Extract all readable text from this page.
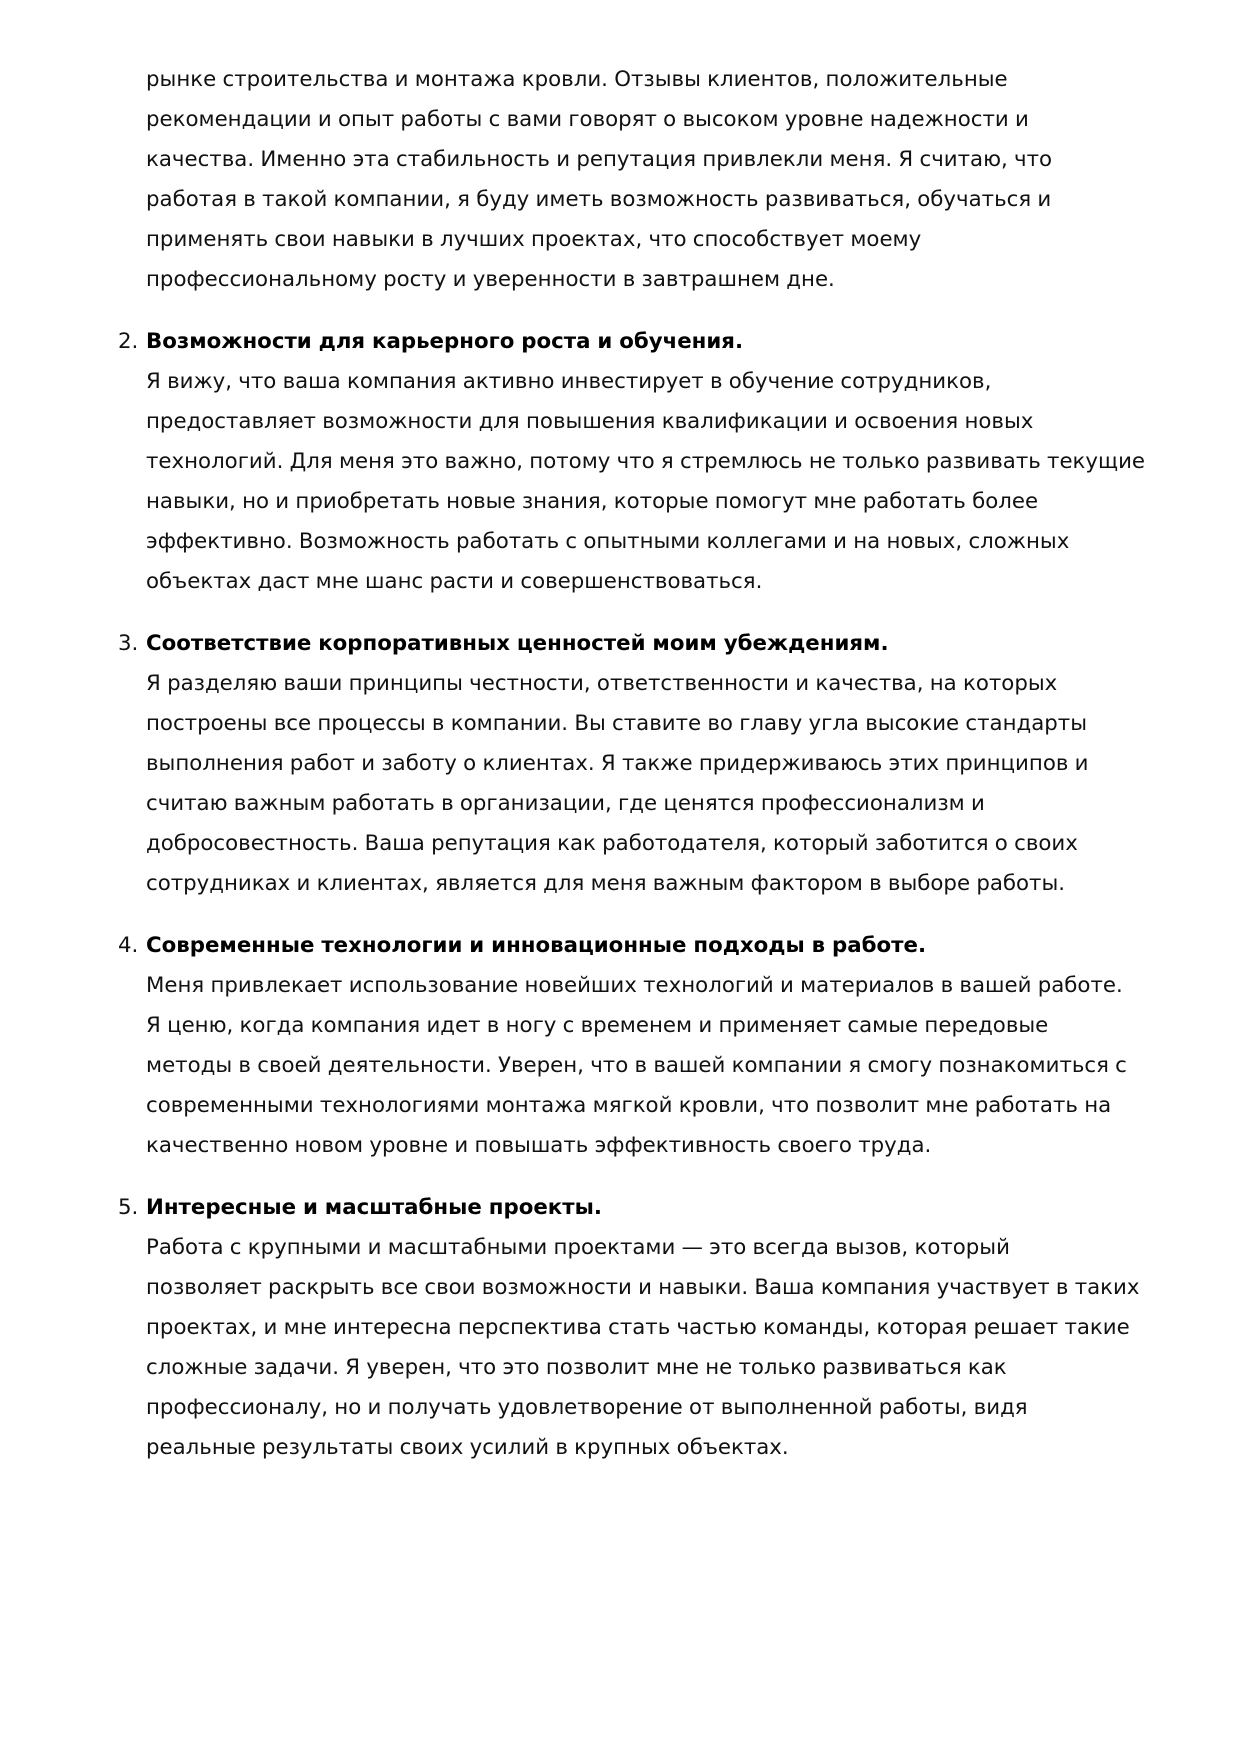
рынке строительства и монтажа кровли. Отзывы клиентов, положительные
рекомендации и опыт работы с вами говорят о высоком уровне надежности и
качества. Именно эта стабильность и репутация привлекли меня. Я считаю, что
работая в такой компании, я буду иметь возможность развиваться, обучаться и
применять свои навыки в лучших проектах, что способствует моему
профессиональному росту и уверенности в завтрашнем дне.

2. Возможности для карьерного роста и обучения.

Я вижу, что ваша компания активно инвестирует в обучение сотрудников,
предоставляет возможности для повышения квалификации и освоения новых
технологий. Для меня это важно, потому что я стремлюсь не только развивать текущие
навыки, но и приобретать новые знания, которые помогут мне работать более
эффективно. Возможность работать с опытными коллегами и на новых, сложных
объектах даст мне шанс расти и совершенствоваться.

3. Соответствие корпоративных ценностей моим убеждениям.

Я разделяю ваши принципы честности, ответственности и качества, на которых
построены все процессы в компании. Вы ставите во главу угла высокие стандарты
выполнения работ и заботу о клиентах. Я также придерживаюсь этих принципов и
считаю важным работать в организации, где ценятся профессионализм и
добросовестность. Ваша репутация как работодателя, который заботится о своих
сотрудниках и клиентах, является для меня важным фактором в выборе работы.

4. Современные технологии и инновационные подходы в работе.

Меня привлекает использование новейших технологий и материалов в вашей работе.
Я ценю, когда компания идет в ногу с временем и применяет самые передовые
методы в своей деятельности. Уверен, что в вашей компании я смогу познакомиться с
современными технологиями монтажа мягкой кровли, что позволит мне работать на
качественно новом уровне и повышать эффективность своего труда.

5. Интересные и масштабные проекты.

Работа с крупными и масштабными проектами — это всегда вызов, который
позволяет раскрыть все свои возможности и навыки. Ваша компания участвует в таких
проектах, и мне интересна перспектива стать частью команды, которая решает такие
сложные задачи. Я уверен, что это позволит мне не только развиваться как
профессионалу, но и получать удовлетворение от выполненной работы, видя
реальные результаты своих усилий в крупных объектах.
